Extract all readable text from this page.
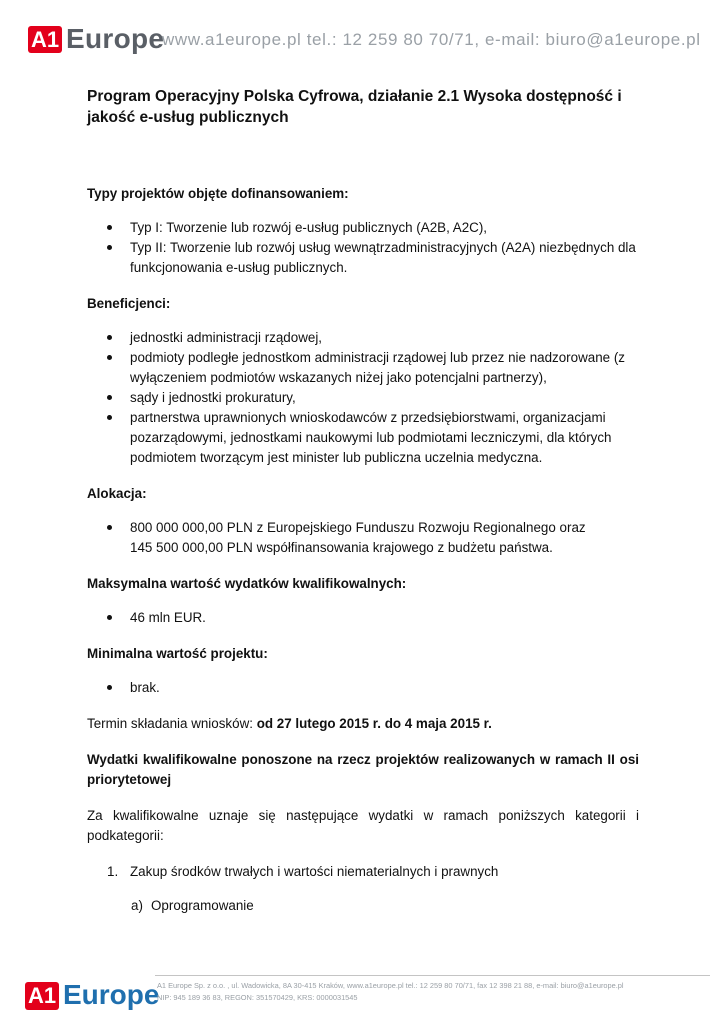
A1 Europe
www.a1europe.pl tel.: 12 259 80 70/71, e-mail: biuro@a1europe.pl
Program Operacyjny Polska Cyfrowa, działanie 2.1 Wysoka dostępność i jakość e-usług publicznych
Typy projektów objęte dofinansowaniem:
Typ I: Tworzenie lub rozwój e-usług publicznych (A2B, A2C),
Typ II: Tworzenie lub rozwój usług wewnątrzadministracyjnych (A2A) niezbędnych dla funkcjonowania e-usług publicznych.
Beneficjenci:
jednostki administracji rządowej,
podmioty podległe jednostkom administracji rządowej lub przez nie nadzorowane (z wyłączeniem podmiotów wskazanych niżej jako potencjalni partnerzy),
sądy i jednostki prokuratury,
partnerstwa uprawnionych wnioskodawców z przedsiębiorstwami, organizacjami pozarządowymi, jednostkami naukowymi lub podmiotami leczniczymi, dla których podmiotem tworzącym jest minister lub publiczna uczelnia medyczna.
Alokacja:
800 000 000,00 PLN z Europejskiego Funduszu Rozwoju Regionalnego oraz
145 500 000,00 PLN współfinansowania krajowego z budżetu państwa.
Maksymalna wartość wydatków kwalifikowalnych:
46 mln EUR.
Minimalna wartość projektu:
brak.

Termin składania wniosków: od 27 lutego 2015 r. do 4 maja 2015 r.

Wydatki kwalifikowalne ponoszone na rzecz projektów realizowanych w ramach II osi priorytetowej

Za kwalifikowalne uznaje się następujące wydatki w ramach poniższych kategorii i podkategorii:

1. Zakup środków trwałych i wartości niematerialnych i prawnych
a) Oprogramowanie
A1 Europe
A1 Europe Sp. z o.o. , ul. Wadowicka, 8A 30-415 Kraków, www.a1europe.pl tel.: 12 259 80 70/71, fax 12 398 21 88, e-mail: biuro@a1europe.pl
NIP: 945 189 36 83, REGON: 351570429, KRS: 0000031545
